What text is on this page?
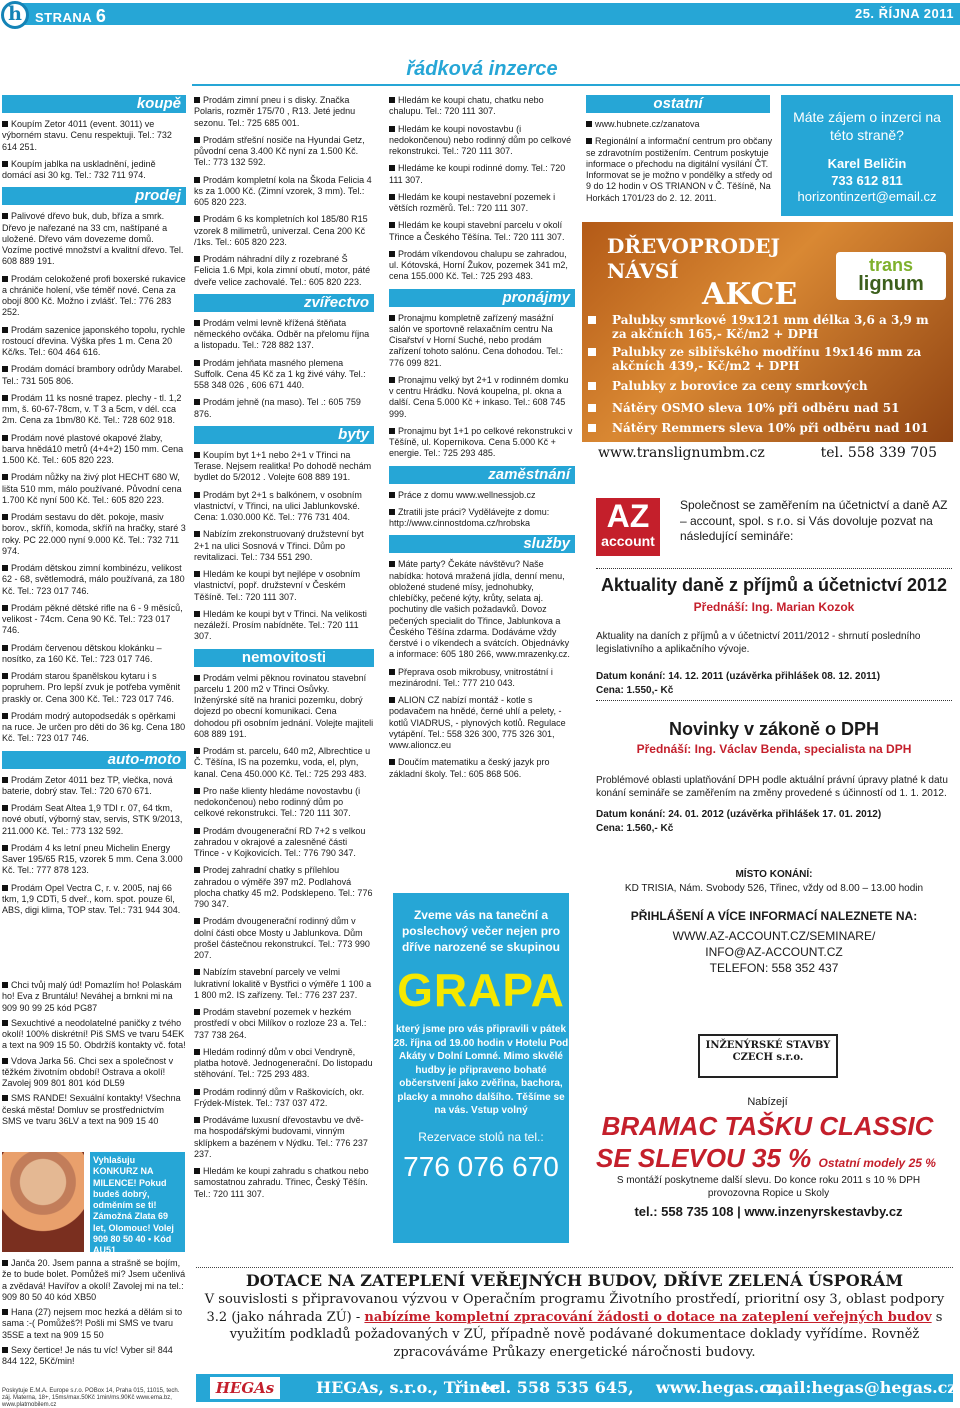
h	STRANA 6	25. ŘÍJNA 2011
řádková inzerce
koupě
Koupím Zetor 4011 (event. 3011) ve výborném stavu. Cenu respektuji. Tel.: 732 614 251.
Koupím jablka na uskladnění, jedině domácí asi 30 kg. Tel.: 732 711 974.
prodej
Palivové dřevo buk, dub, bříza a smrk. Dřevo je nařezané na 33 cm, naštípané a uložené. Dřevo vám dovezeme domů. Vozíme poctivé množství a kvalitní dřevo. Tel. 608 889 191.
Prodám celokožené profi boxerské rukavice a chrániče holení, vše téměř nové. Cena za obojí 800 Kč. Možno i zvlášť. Tel.: 776 283 252.
Prodám sazenice japonského topolu, rychle rostoucí dřevina. Výška přes 1 m. Cena 20 Kč/ks. Tel.: 604 464 616.
Prodám domácí brambory odrůdy Marabel. Tel.: 731 505 806.
Prodám 11 ks nosné trapez. plechy - tl. 1,2 mm, š. 60-67-78cm, v. T 3 a 5cm, v dél. cca 2m. Cena za 1bm/80 Kč. Tel.: 728 602 918.
Prodám nové plastové okapové žlaby, barva hnědá10 metrů (4+4+2) 150 mm. Cena 1.500 Kč. Tel.: 605 820 223.
Prodám nůžky na živý plot HECHT 680 W, lišta 510 mm, málo používané. Původní cena 1.700 Kč nyní 500 Kč. Tel.: 605 820 223.
Prodám sestavu do dět. pokoje, masiv borov., skříň, komoda, skříň na hračky, staré 3 roky. PC 22.000 nyní 9.000 Kč. Tel.: 732 711 974.
Prodám dětskou zimní kombinézu, velikost 62 - 68, světlemodrá, málo používaná, za 180 Kč. Tel.: 723 017 746.
Prodám pěkné dětské rifle na 6 - 9 měsíců, velikost - 74cm. Cena 90 Kč. Tel.: 723 017 746.
Prodám červenou dětskou klokánku – nosítko, za 160 Kč. Tel.: 723 017 746.
Prodám starou španělskou kytaru i s popruhem. Pro lepší zvuk je potřeba vyměnit praskly or. Cena 300 Kč. Tel.: 723 017 746.
Prodám modrý autopodsedák s opěrkami na ruce. Je určen pro děti do 36 kg. Cena 180 Kč. Tel.: 723 017 746.
auto-moto
Prodám Zetor 4011 bez TP, vlečka, nová baterie, dobrý stav. Tel.: 720 670 671.
Prodám Seat Altea 1,9 TDI r. 07, 64 tkm, nové obutí, výborný stav, servis, STK 9/2013, 211.000 Kč. Tel.: 773 132 592.
Prodám 4 ks letní pneu Michelin Energy Saver 195/65 R15, vzorek 5 mm. Cena 3.000 Kč. Tel.: 777 878 123.
Prodám Opel Vectra C, r. v. 2005, naj 66 tkm, 1,9 CDTi, 5 dveř., kom. spot. pouze 6l, ABS, digi klima, TOP stav. Tel.: 731 944 304.
Chci tvůj malý úd! Pomazlím ho! Polaskám ho! Eva z Bruntálu! Neváhej a brnkni mi na 909 90 99 25 kód PG87
Sexuchtivé a neodolatelné paničky z tvého okolí! 100% diskrétní! Piš SMS ve tvaru 54EK a text na 909 15 50. Obdržíš kontakty vč. fota!
Vdova Jarka 56. Chci sex a společnost v těžkém životním období! Ostrava a okolí! Zavolej 909 801 801 kód DL59
SMS RANDE! Sexuální kontakty! Všechna česká města! Domluv se prostřednictvím SMS ve tvaru 36LV a text na 909 15 40
Vyhlašuju KONKURZ NA MILENCE! Pokud budeš dobrý, odměním se ti! Zámožná Zlata 69 let, Olomouc! Volej 909 80 50 40 • Kód AU51
Janča 20. Jsem panna a strašně se bojím, že to bude bolet. Pomůžeš mi? Jsem učenlivá a zvědavá! Havířov a okolí! Zavolej mi na tel.: 909 80 50 40 kód XB50
Hana (27) nejsem moc hezká a dělám si to sama :-( Pomůžeš?! Pošli mi SMS ve tvaru 35SE a text na 909 15 50
Sexy čertice! Je nás tu víc! Vyber si! 844 844 122, 5Kč/min!
Poskytuje E.M.A. Europe s.r.o. POBox 14, Praha 015, 11015, tech. záj. Materna, 18+, 15ms/max.50Kč 1min/ms.90Kč www.ema.bz, www.platmobilem.cz
Prodám zimní pneu i s disky. Značka Polaris, rozměr 175/70 , R13. Jeté jednu sezonu. Tel.: 725 685 001.
Prodám střešní nosiče na Hyundai Getz, původní cena 3.400 Kč nyní za 1.500 Kč. Tel.: 773 132 592.
Prodám kompletní kola na Škoda Felicia 4 ks za 1.000 Kč. (Zimní vzorek, 3 mm). Tel.: 605 820 223.
Prodám 6 ks kompletních kol 185/80 R15 vzorek 8 milimetrů, univerzal. Cena 200 Kč /1ks. Tel.: 605 820 223.
Prodám náhradní díly z rozebrané Š Felicia 1.6 Mpi, kola zimní obutí, motor, páté dveře velice zachovalé. Tel.: 605 820 223.
zvířectvo
Prodám velmi levně křížená štěňata německého ovčáka. Odběr na přelomu října a listopadu. Tel.: 728 882 137.
Prodám jehňata masného plemena Suffolk. Cena 45 Kč za 1 kg živé váhy. Tel.: 558 348 026 , 606 671 440.
Prodám jehně (na maso). Tel .: 605 759 876.
byty
Koupím byt 1+1 nebo 2+1 v Třinci na Terase. Nejsem realitka! Po dohodě nechám bydlet do 5/2012 . Volejte 608 889 191.
Prodám byt 2+1 s balkónem, v osobním vlastnictví, v Třinci, na ulici Jablunkovské. Cena: 1.030.000 Kč. Tel.: 776 731 404.
Nabízím zrekonstruovaný družstevní byt 2+1 na ulici Sosnová v Třinci. Dům po revitalizaci. Tel.: 734 551 290.
Hledám ke koupi byt nejlépe v osobním vlastnictví, popř. družstevní v Českém Těšíně. Tel.: 720 111 307.
Hledám ke koupi byt v Třinci. Na velikosti nezáleží. Prosím nabídněte. Tel.: 720 111 307.
nemovitosti
Prodám velmi pěknou rovinatou stavební parcelu 1 200 m2 v Třinci Osůvky. Inženýrské sítě na hranici pozemku, dobrý dojezd po obecní komunikaci. Cena dohodou při osobním jednání. Volejte majiteli 608 889 191.
Prodám st. parcelu, 640 m2, Albrechtice u Č. Těšína, IS na pozemku, voda, el, plyn, kanal. Cena 450.000 Kč. Tel.: 725 293 483.
Pro naše klienty hledáme novostavbu (i nedokončenou) nebo rodinný dům po celkové rekonstrukci. Tel.: 720 111 307.
Prodám dvougenerační RD 7+2 s velkou zahradou v okrajové a zalesněné části Třince - v Kojkovicích. Tel.: 776 790 347.
Prodej zahradní chatky s přílehlou zahradou o výměře 397 m2. Podlahová plocha chatky 45 m2. Podsklepeno. Tel.: 776 790 347.
Prodám dvougenerační rodinný dům v dolní části obce Mosty u Jablunkova. Dům prošel částečnou rekonstrukcí. Tel.: 773 990 207.
Nabízím stavební parcely ve velmi lukrativní lokalitě v Bystřici o výměře 1 100 a 1 800 m2. IS zařízeny. Tel.: 776 237 237.
Prodám stavební pozemek v hezkém prostředí v obci Milíkov o rozloze 23 a. Tel.: 737 738 264.
Hledám rodinný dům v obci Vendryně, platba hotově. Jednogenerační. Do listopadu stěhování. Tel.: 725 293 483.
Prodám rodinný dům v Raškovicích, okr. Frýdek-Místek. Tel.: 737 037 472.
Prodáváme luxusní dřevostavbu ve dvě-ma hospodářskými budovami, vinným sklípkem a bazénem v Nýdku. Tel.: 776 237 237.
Hledám ke koupi zahradu s chatkou nebo samostatnou zahradu. Třinec, Český Těšín. Tel.: 720 111 307.
Hledám ke koupi chatu, chatku nebo chalupu. Tel.: 720 111 307.
Hledám ke koupi novostavbu (i nedokončenou) nebo rodinný dům po celkové rekonstrukci. Tel.: 720 111 307.
Hledáme ke koupi rodinné domy. Tel.: 720 111 307.
Hledám ke koupi nestavební pozemek i větších rozměrů. Tel.: 720 111 307.
Hledám ke koupi stavební parcelu v okolí Třince a Českého Těšína. Tel.: 720 111 307.
Prodám víkendovou chalupu se zahradou, ul. Kótovská, Horní Žukov, pozemek 341 m2, cena 155.000 Kč. Tel.: 725 293 483.
pronájmy
Pronajmu kompletně zařízený masážní salón ve sportovně relaxačním centru Na Cisařství v Horní Suché, nebo prodám zařízení tohoto salónu. Cena dohodou. Tel.: 776 099 821.
Pronajmu velký byt 2+1 v rodinném domku v centru Hrádku. Nová koupelna, pl. okna a další. Cena 5.000 Kč + inkaso. Tel.: 608 745 999.
Pronajmu byt 1+1 po celkové rekonstrukci v Těšíně, ul. Kopernikova. Cena 5.000 Kč + energie. Tel.: 725 293 485.
zaměstnání
Práce z domu www.wellnessjob.cz
Ztratili jste práci? Vydělávejte z domu: http://www.cinnostdoma.cz/hrobska
služby
Máte party? Čekáte návštěvu? Naše nabídka: hotová mražená jídla, denní menu, obložené studené mísy, jednohubky, chlebíčky, pečené kýty, krůty, selata aj. pochutiny dle vašich požadavků. Dovoz pečených specialit do Třince, Jablunkova a Českého Těšína zdarma. Dodáváme vždy čerstvé i o víkendech a svátcích. Objednávky a informace: 605 180 266, www.mrazenky.cz.
Přeprava osob mikrobusy, vnitrostátní i mezinárodní. Tel.: 777 210 043.
ALION CZ nabízí montáž - kotle s podavačem na hnědé, černé uhlí a pelety, - kotlů VIADRUS, - plynových kotlů. Regulace vytápění. Tel.: 558 326 300, 775 326 301, www.alioncz.eu
Doučím matematiku a český jazyk pro základní školy. Tel.: 605 868 506.
ostatní
www.hubnete.cz/zanatova
Regionální a informační centrum pro občany se zdravotním postižením. Centrum poskytuje informace o přechodu na digitální vysílání ČT. Informovat se je možno v pondělky a středy od 9 do 12 hodin v OS TRIANON v Č. Těšíně, Na Horkách 1701/23 do 2. 12. 2011.
Máte zájem o inzerci na této straně?
Karel Beličin
733 612 811
horizontinzert@email.cz
DŘEVOPRODEJ
NÁVSÍ
AKCE
trans
lignum
Palubky smrkové 19x121 mm délka 3,6 a 3,9 m za akčních 165,- Kč/m2 + DPH
Palubky ze sibiřského modřínu 19x146 mm za akčních 439,- Kč/m2 + DPH
Palubky z borovice za ceny smrkových
Nátěry OSMO sleva 10% při odběru nad 51
Nátěry Remmers sleva 10% při odběru nad 101
www.translignumbm.cz	tel. 558 339 705
AZ
account
Společnost se zaměřením na účetnictví a daně AZ – account, spol. s r.o. si Vás dovoluje pozvat na následující semináře:
Aktuality daně z příjmů a účetnictví 2012
Přednáší: Ing. Marian Kozok
Aktuality na daních z příjmů a v účetnictví 2011/2012 - shrnutí posledního legislativního a aplikačního vývoje.
Datum konání: 14. 12. 2011 (uzávěrka přihlášek 08. 12. 2011)
Cena: 1.550,- Kč
Novinky v zákoně o DPH
Přednáší: Ing. Václav Benda, specialista na DPH
Problémové oblasti uplatňování DPH podle aktuální právní úpravy platné k datu konání semináře se zaměřením na změny provedené s účinností od 1. 1. 2012.
Datum konání: 24. 01. 2012 (uzávěrka přihlášek 17. 01. 2012)
Cena: 1.560,- Kč
MÍSTO KONÁNÍ:
KD TRISIA, Nám. Svobody 526, Třinec, vždy od 8.00 – 13.00 hodin
PŘIHLÁŠENÍ A VÍCE INFORMACÍ NALEZNETE NA:
WWW.AZ-ACCOUNT.CZ/SEMINARE/
INFO@AZ-ACCOUNT.CZ
TELEFON: 558 352 437
Zveme vás na taneční a poslechový večer nejen pro dříve narozené se skupinou
GRAPA
který jsme pro vás připravili v pátek 28. října od 19.00 hodin v Hotelu Pod Akáty v Dolní Lomné. Mimo skvělé hudby je připraveno bohaté občerstvení jako zvěřina, bachora, placky a mnoho dalšího. Těšíme se na vás. Vstup volný
Rezervace stolů na tel.:
776 076 670
INŽENÝRSKÉ STAVBY CZECH s.r.o.
Nabízejí
BRAMAC TAŠKU CLASSIC
SE SLEVOU 35 % Ostatní modely 25 %
S montáží poskytneme další slevu. Do konce roku 2011 s 10 % DPH provozovna Ropice u Skoly
tel.: 558 735 108 | www.inzenyrskestavby.cz
DOTACE NA ZATEPLENÍ VEŘEJNÝCH BUDOV, DŘÍVE ZELENÁ ÚSPORÁM
V souvislosti s připravovanou výzvou v Operačním programu Životního prostředí, prioritní osy 3, oblast podpory 3.2 (jako náhrada ZÚ) - nabízíme kompletní zpracování žádosti o dotace na zateplení veřejných budov s využitím podkladů požadovaných v ZÚ, případně nově podávané dokumentace doklady vyřídíme. Rovněž zpracováváme Průkazy energetické náročnosti budovy.
HEGAs	HEGAs, s.r.o., Třinec
tel. 558 535 645, www.hegas.cz,
mail:hegas@hegas.cz
